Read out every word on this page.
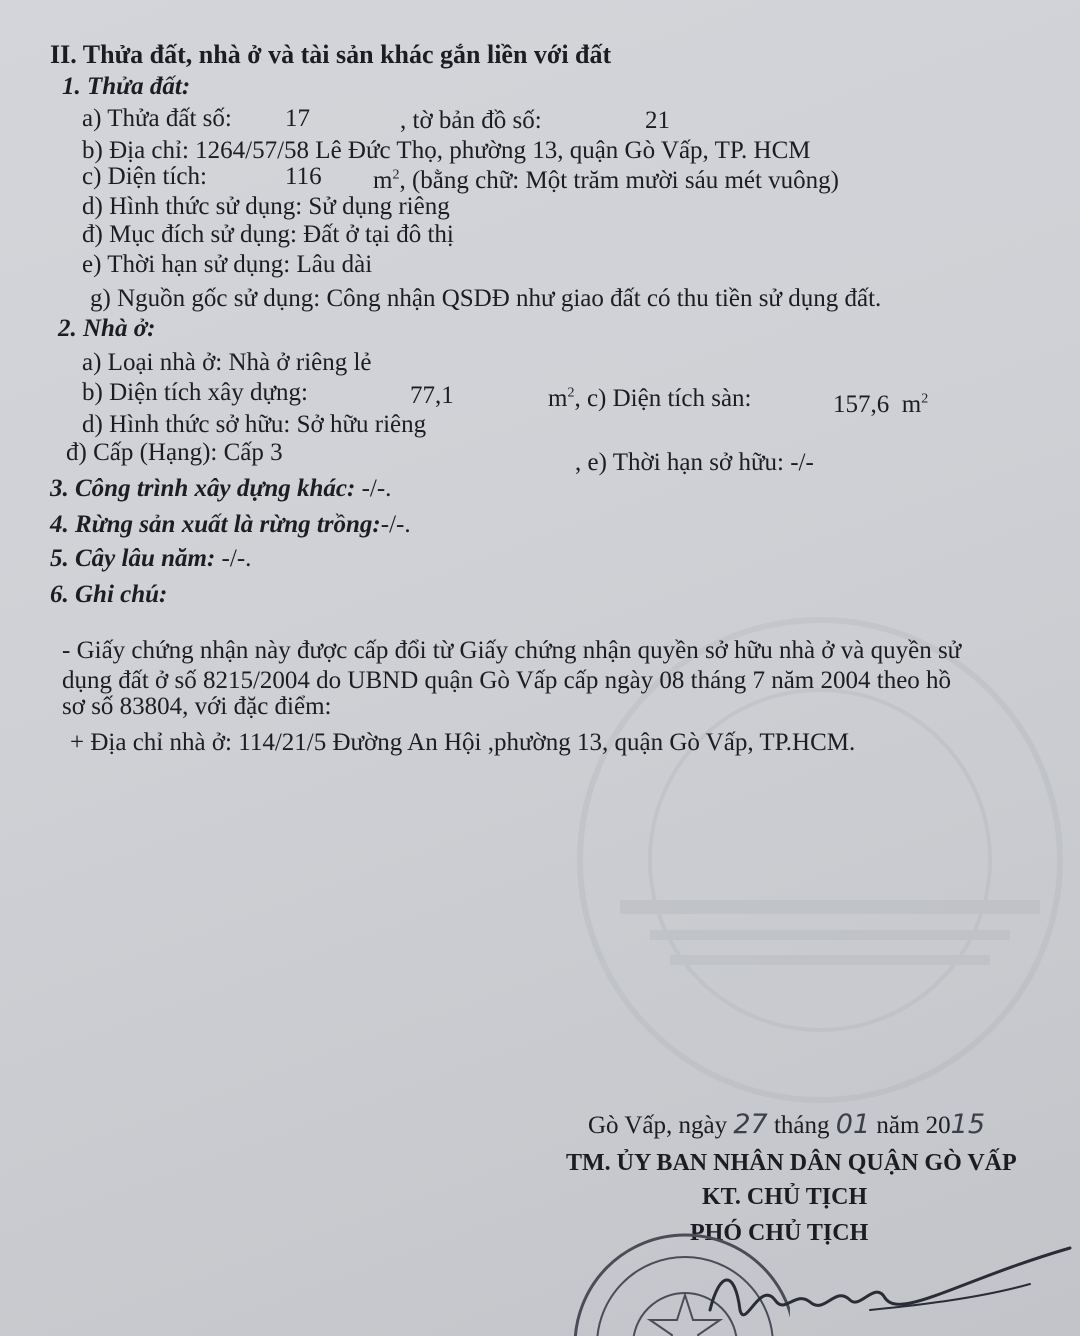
II. Thửa đất, nhà ở và tài sản khác gắn liền với đất
1. Thửa đất:
a) Thửa đất số: 17	, tờ bản đồ số:	21
b) Địa chỉ: 1264/57/58 Lê Đức Thọ, phường 13, quận Gò Vấp, TP. HCM
c) Diện tích:	116 $m^2$, (bằng chữ: Một trăm mười sáu mét vuông)
d) Hình thức sử dụng: Sử dụng riêng
đ) Mục đích sử dụng: Đất ở tại đô thị
e) Thời hạn sử dụng: Lâu dài
g) Nguồn gốc sử dụng: Công nhận QSDĐ như giao đất có thu tiền sử dụng đất.
2. Nhà ở:
a) Loại nhà ở: Nhà ở riêng lẻ
b) Diện tích xây dựng:	77,1	$m^2$, c) Diện tích sàn:	157,6 $m^2$
d) Hình thức sở hữu: Sở hữu riêng
đ) Cấp (Hạng): Cấp 3	, e) Thời hạn sở hữu: -/-
3. Công trình xây dựng khác: -/-.
4. Rừng sản xuất là rừng trồng:-/-.
5. Cây lâu năm: -/-.
6. Ghi chú:
- Giấy chứng nhận này được cấp đổi từ Giấy chứng nhận quyền sở hữu nhà ở và quyền sử
dụng đất ở số 8215/2004 do UBND quận Gò Vấp cấp ngày 08 tháng 7 năm 2004 theo hồ
sơ số 83804, với đặc điểm:
+ Địa chỉ nhà ở: 114/21/5 Đường An Hội ,phường 13, quận Gò Vấp, TP.HCM.
Gò Vấp, ngày 27 tháng 01 năm 2015
TM. ỦY BAN NHÂN DÂN QUẬN GÒ VẤP
KT. CHỦ TỊCH
PHÓ CHỦ TỊCH
